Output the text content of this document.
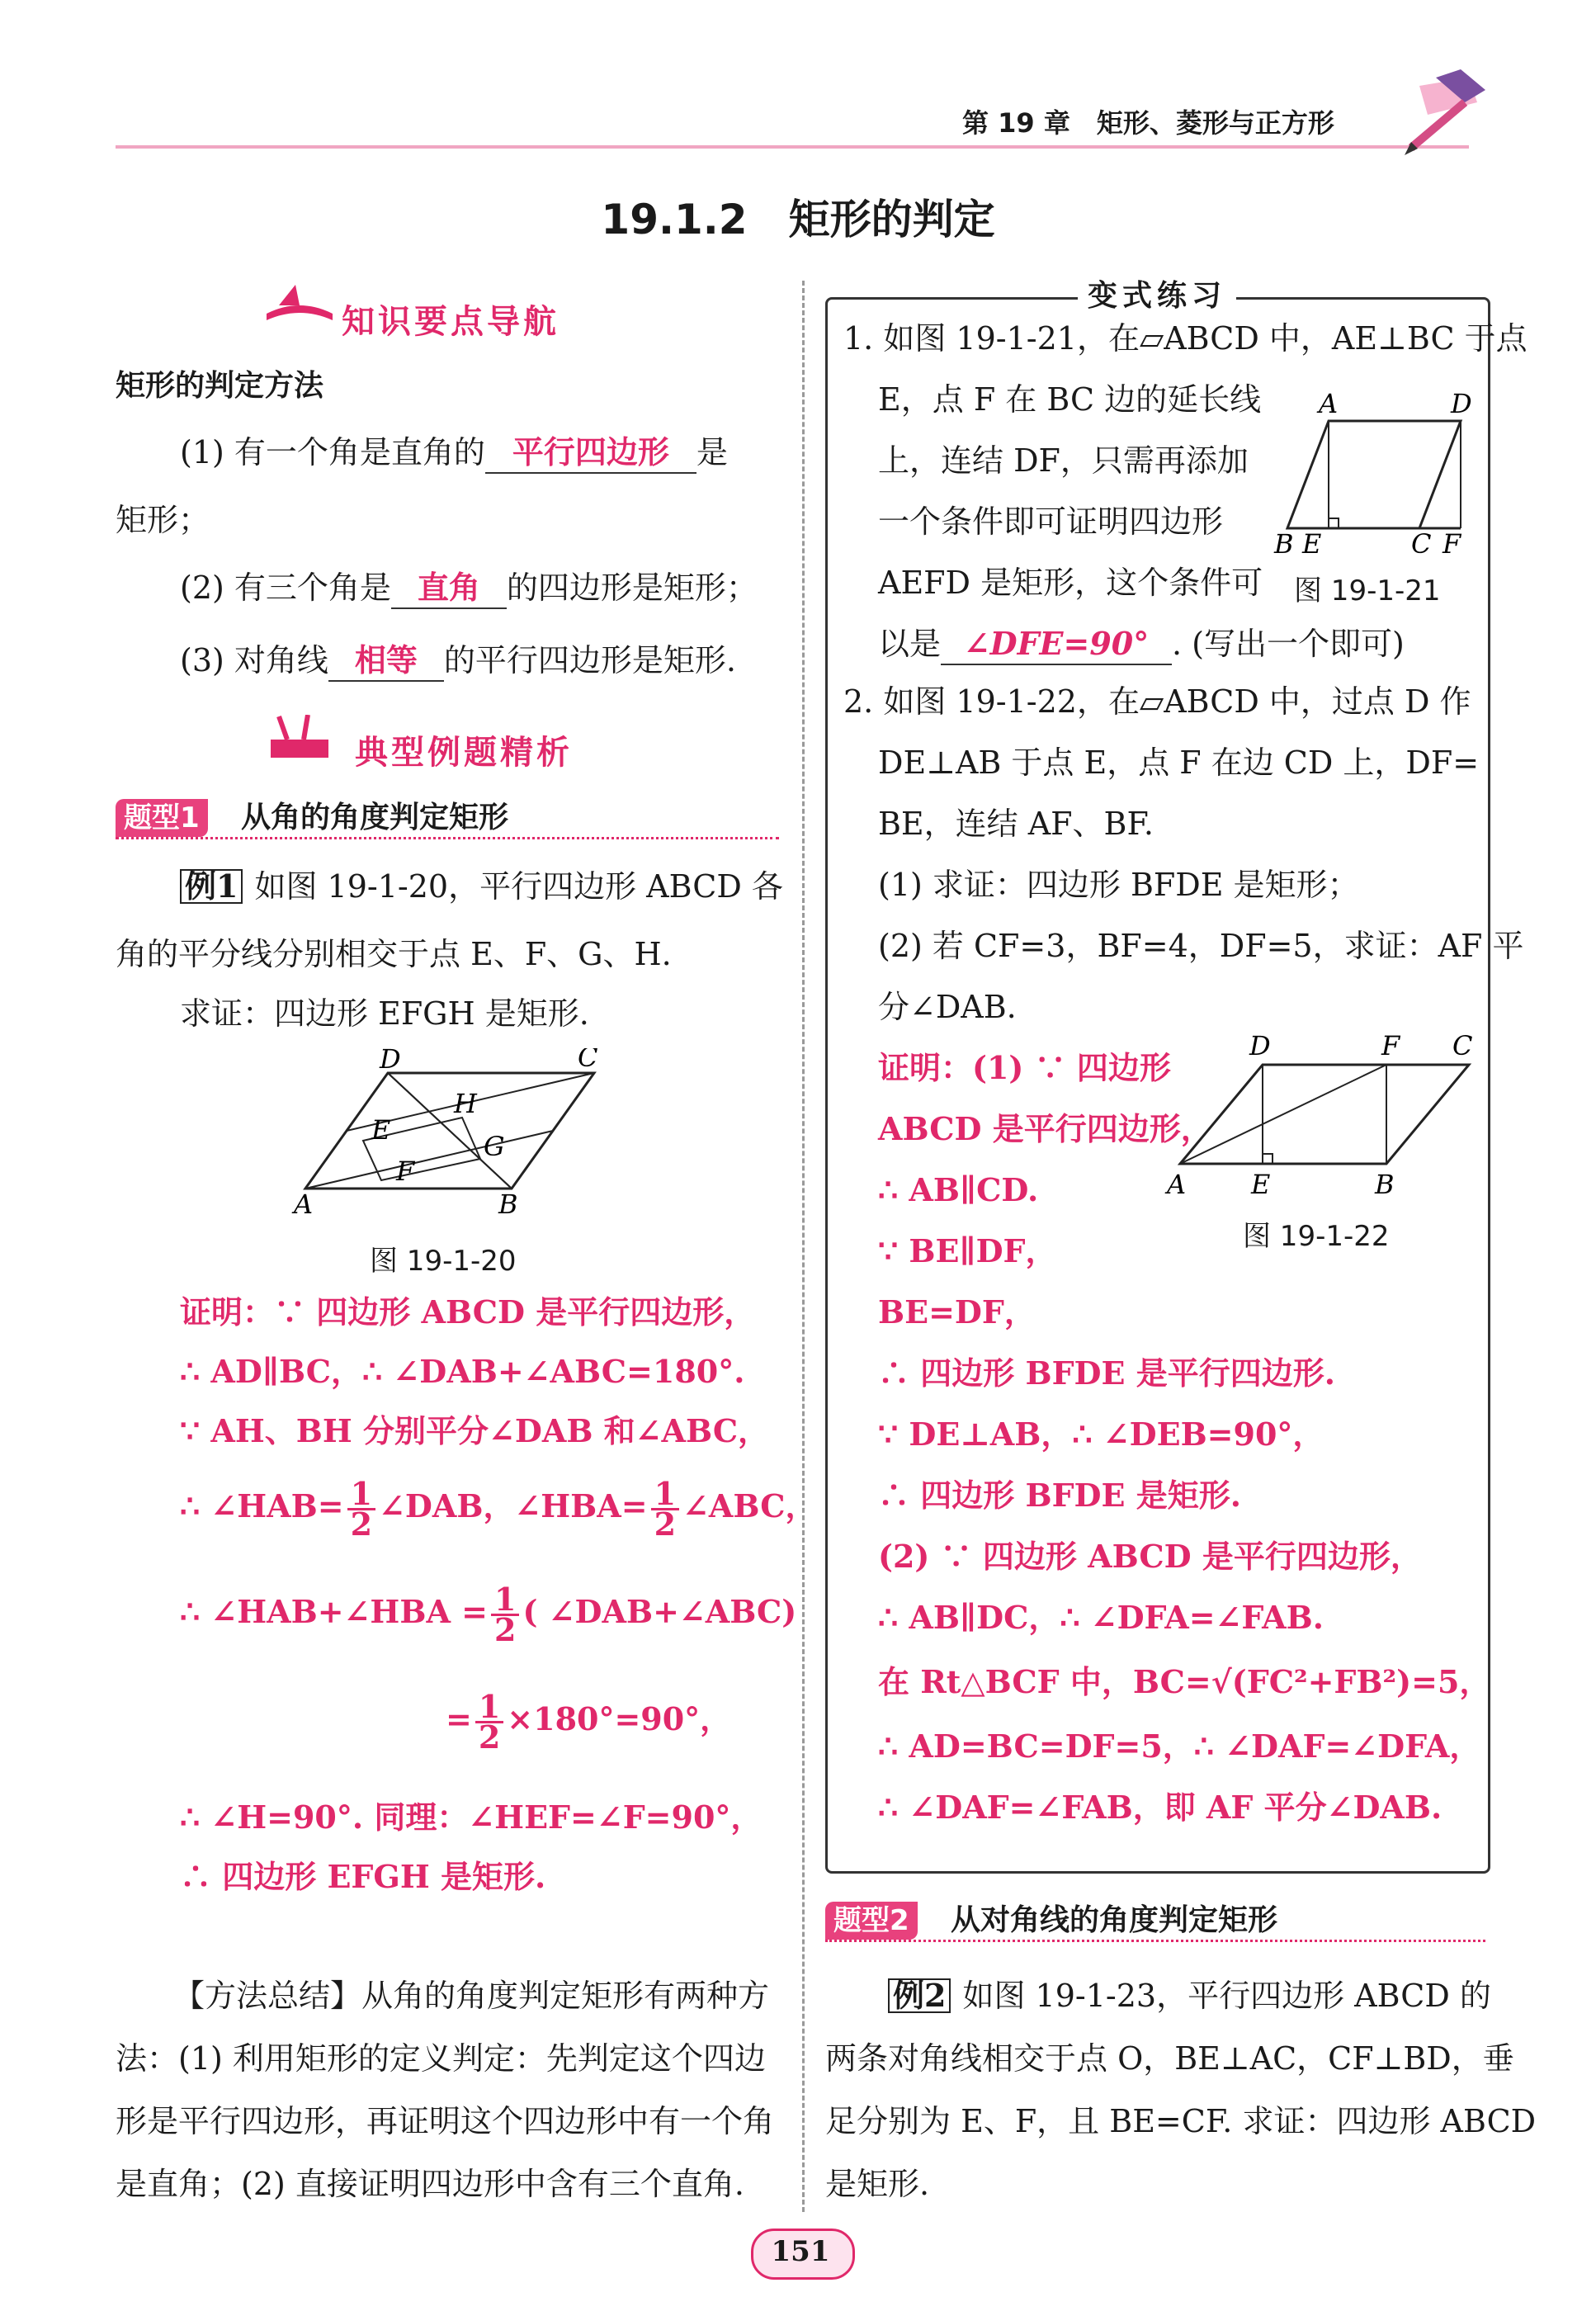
第 19 章　矩形、菱形与正方形
19.1.2　矩形的判定
知识要点导航
矩形的判定方法
(1) 有一个角是直角的 平行四边形 是
矩形；
(2) 有三个角是 直角 的四边形是矩形；
(3) 对角线 相等 的平行四边形是矩形.
典型例题精析
题型1 从角的角度判定矩形
例1 如图 19-1-20，平行四边形 ABCD 各
角的平分线分别相交于点 E、F、G、H.
求证：四边形 EFGH 是矩形.
D	C
H
E
G
F
A	B
图 19-1-20
证明：∵ 四边形 ABCD 是平行四边形，
∴ AD∥BC，∴ ∠DAB+∠ABC=180°.
∵ AH、BH 分别平分∠DAB 和∠ABC，
∴ ∠HAB= $\frac{1}{2}$ ∠DAB，∠HBA= $\frac{1}{2}$ ∠ABC，
∴ ∠HAB+∠HBA = $\frac{1}{2}$ ( ∠DAB+∠ABC)
= $\frac{1}{2} \times 180^\circ=90^\circ$，
∴ ∠H=90°. 同理：∠HEF=∠F=90°，
∴ 四边形 EFGH 是矩形.
【方法总结】从角的角度判定矩形有两种方
法：(1) 利用矩形的定义判定：先判定这个四边
形是平行四边形，再证明这个四边形中有一个角
是直角；(2) 直接证明四边形中含有三个直角.
变式练习
1. 如图 19-1-21，在▱ABCD 中，AE⊥BC 于点
E，点 F 在 BC 边的延长线
上，连结 DF，只需再添加
一个条件即可证明四边形
AEFD 是矩形，这个条件可
以是 ∠DFE=90° . (写出一个即可)
A	D
B E	C F
图 19-1-21
2. 如图 19-1-22，在▱ABCD 中，过点 D 作
DE⊥AB 于点 E，点 F 在边 CD 上，DF=
BE，连结 AF、BF.
(1) 求证：四边形 BFDE 是矩形；
(2) 若 CF=3，BF=4，DF=5，求证：AF 平
分∠DAB.
证明：(1) ∵ 四边形
ABCD 是平行四边形，
∴ AB∥CD.
∵ BE∥DF，
BE=DF，
D	F C
A E	B
图 19-1-22
∴ 四边形 BFDE 是平行四边形.
∵ DE⊥AB，∴ ∠DEB=90°，
∴ 四边形 BFDE 是矩形.
(2) ∵ 四边形 ABCD 是平行四边形，
∴ AB∥DC，∴ ∠DFA=∠FAB.
在 Rt△BCF 中，BC=√(FC²+FB²)=5，
∴ AD=BC=DF=5，∴ ∠DAF=∠DFA，
∴ ∠DAF=∠FAB，即 AF 平分∠DAB.
题型2 从对角线的角度判定矩形
例2 如图 19-1-23，平行四边形 ABCD 的
两条对角线相交于点 O，BE⊥AC，CF⊥BD，垂
足分别为 E、F，且 BE=CF. 求证：四边形 ABCD
是矩形.
151
